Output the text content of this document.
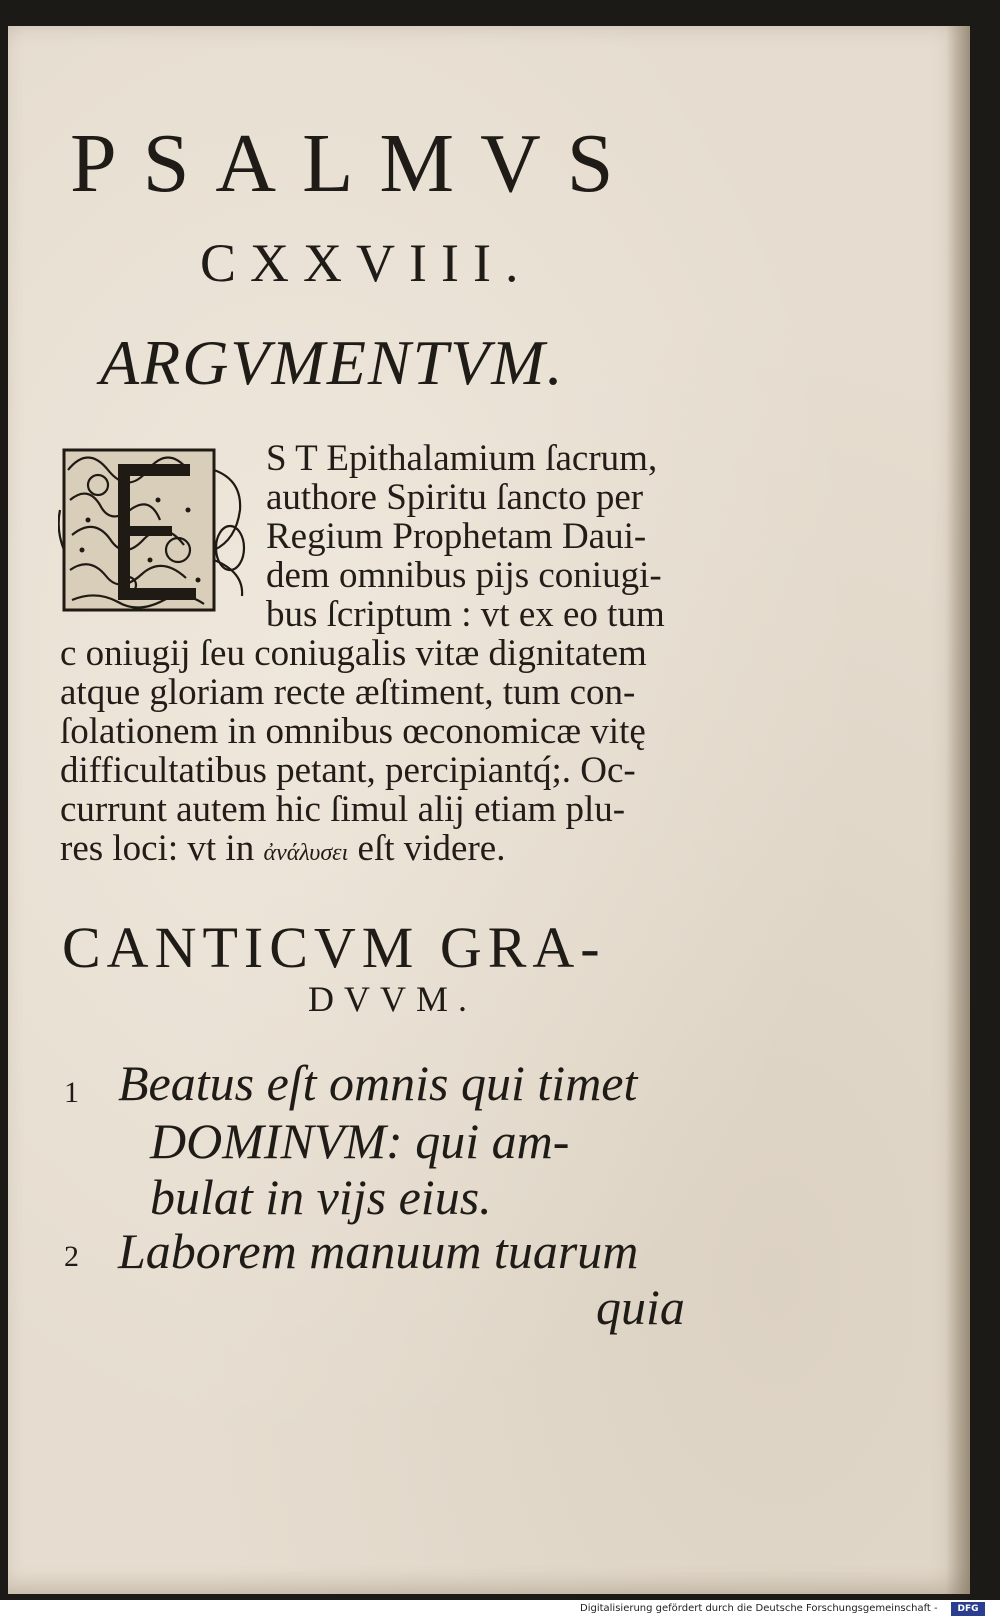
PSALMVS
CXXVIII.
ARGVMENTVM.
S T Epithalamium ſacrum,
authore Spiritu ſancto per
Regium Prophetam Daui-
dem omnibus pijs coniugi-
bus ſcriptum : vt ex eo tum
c oniugij ſeu coniugalis vitæ dignitatem
atque gloriam recte æſtiment, tum con-
ſolationem in omnibus œconomicæ vitę
difficultatibus petant, percipiantq́;. Oc-
currunt autem hic ſimul alij etiam plu-
res loci: vt in ἀνάλυσει eſt videre.
CANTICVM GRA-
DVVM.
1 Beatus eſt omnis qui timet
DOMINVM: qui am-
bulat in vijs eius.
2 Laborem manuum tuarum
quia
Digitalisierung gefördert durch die Deutsche Forschungsgemeinschaft -	DFG
